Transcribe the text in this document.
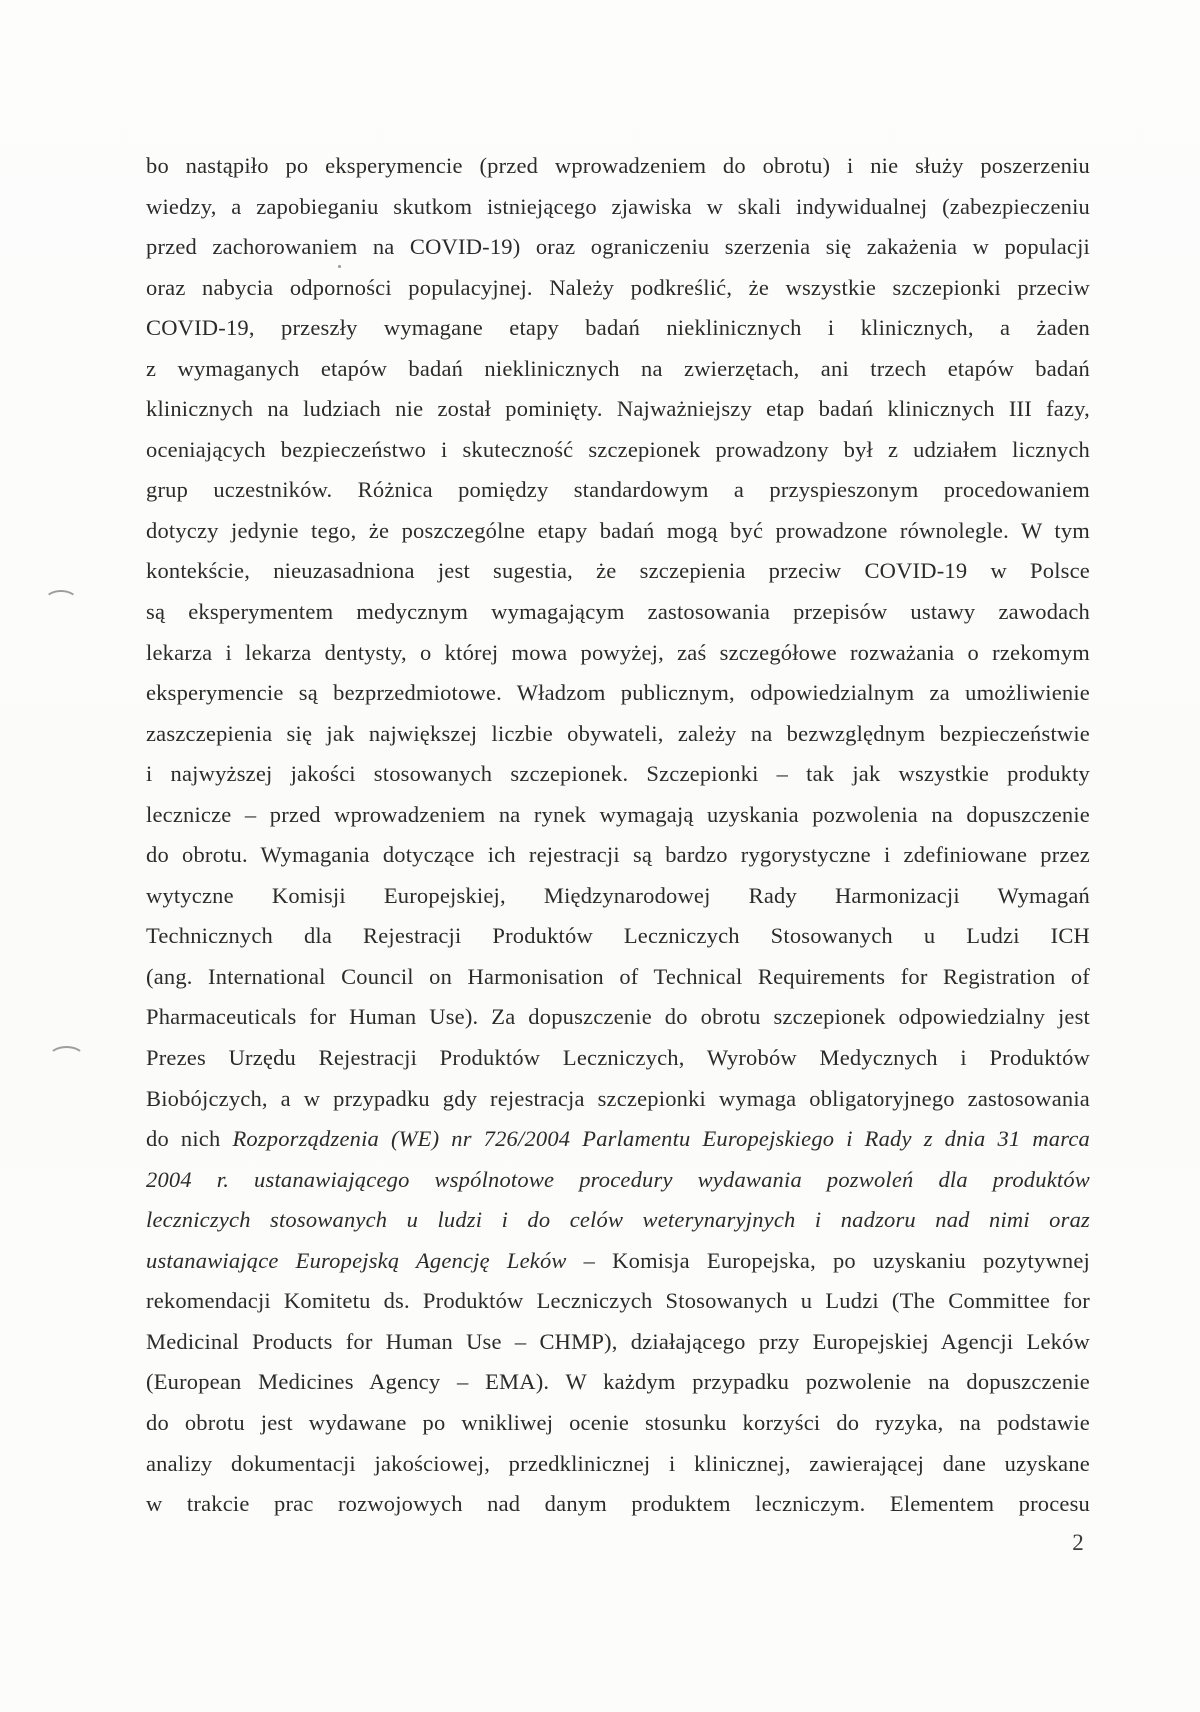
bo nastąpiło po eksperymencie (przed wprowadzeniem do obrotu) i nie służy poszerzeniu
wiedzy, a zapobieganiu skutkom istniejącego zjawiska w skali indywidualnej (zabezpieczeniu
przed zachorowaniem na COVID-19) oraz ograniczeniu szerzenia się zakażenia w populacji
oraz nabycia odporności populacyjnej. Należy podkreślić, że wszystkie szczepionki przeciw
COVID-19, przeszły wymagane etapy badań nieklinicznych i klinicznych, a żaden
z wymaganych etapów badań nieklinicznych na zwierzętach, ani trzech etapów badań
klinicznych na ludziach nie został pominięty. Najważniejszy etap badań klinicznych III fazy,
oceniających bezpieczeństwo i skuteczność szczepionek prowadzony był z udziałem licznych
grup uczestników. Różnica pomiędzy standardowym a przyspieszonym procedowaniem
dotyczy jedynie tego, że poszczególne etapy badań mogą być prowadzone równolegle. W tym
kontekście, nieuzasadniona jest sugestia, że szczepienia przeciw COVID-19 w Polsce
są eksperymentem medycznym wymagającym zastosowania przepisów ustawy zawodach
lekarza i lekarza dentysty, o której mowa powyżej, zaś szczegółowe rozważania o rzekomym
eksperymencie są bezprzedmiotowe. Władzom publicznym, odpowiedzialnym za umożliwienie
zaszczepienia się jak największej liczbie obywateli, zależy na bezwzględnym bezpieczeństwie
i najwyższej jakości stosowanych szczepionek. Szczepionki – tak jak wszystkie produkty
lecznicze – przed wprowadzeniem na rynek wymagają uzyskania pozwolenia na dopuszczenie
do obrotu. Wymagania dotyczące ich rejestracji są bardzo rygorystyczne i zdefiniowane przez
wytyczne Komisji Europejskiej, Międzynarodowej Rady Harmonizacji Wymagań
Technicznych dla Rejestracji Produktów Leczniczych Stosowanych u Ludzi ICH
(ang. International Council on Harmonisation of Technical Requirements for Registration of
Pharmaceuticals for Human Use). Za dopuszczenie do obrotu szczepionek odpowiedzialny jest
Prezes Urzędu Rejestracji Produktów Leczniczych, Wyrobów Medycznych i Produktów
Biobójczych, a w przypadku gdy rejestracja szczepionki wymaga obligatoryjnego zastosowania
do nich Rozporządzenia (WE) nr 726/2004 Parlamentu Europejskiego i Rady z dnia 31 marca
2004 r. ustanawiającego wspólnotowe procedury wydawania pozwoleń dla produktów
leczniczych stosowanych u ludzi i do celów weterynaryjnych i nadzoru nad nimi oraz
ustanawiające Europejską Agencję Leków – Komisja Europejska, po uzyskaniu pozytywnej
rekomendacji Komitetu ds. Produktów Leczniczych Stosowanych u Ludzi (The Committee for
Medicinal Products for Human Use – CHMP), działającego przy Europejskiej Agencji Leków
(European Medicines Agency – EMA). W każdym przypadku pozwolenie na dopuszczenie
do obrotu jest wydawane po wnikliwej ocenie stosunku korzyści do ryzyka, na podstawie
analizy dokumentacji jakościowej, przedklinicznej i klinicznej, zawierającej dane uzyskane
w trakcie prac rozwojowych nad danym produktem leczniczym. Elementem procesu
2
